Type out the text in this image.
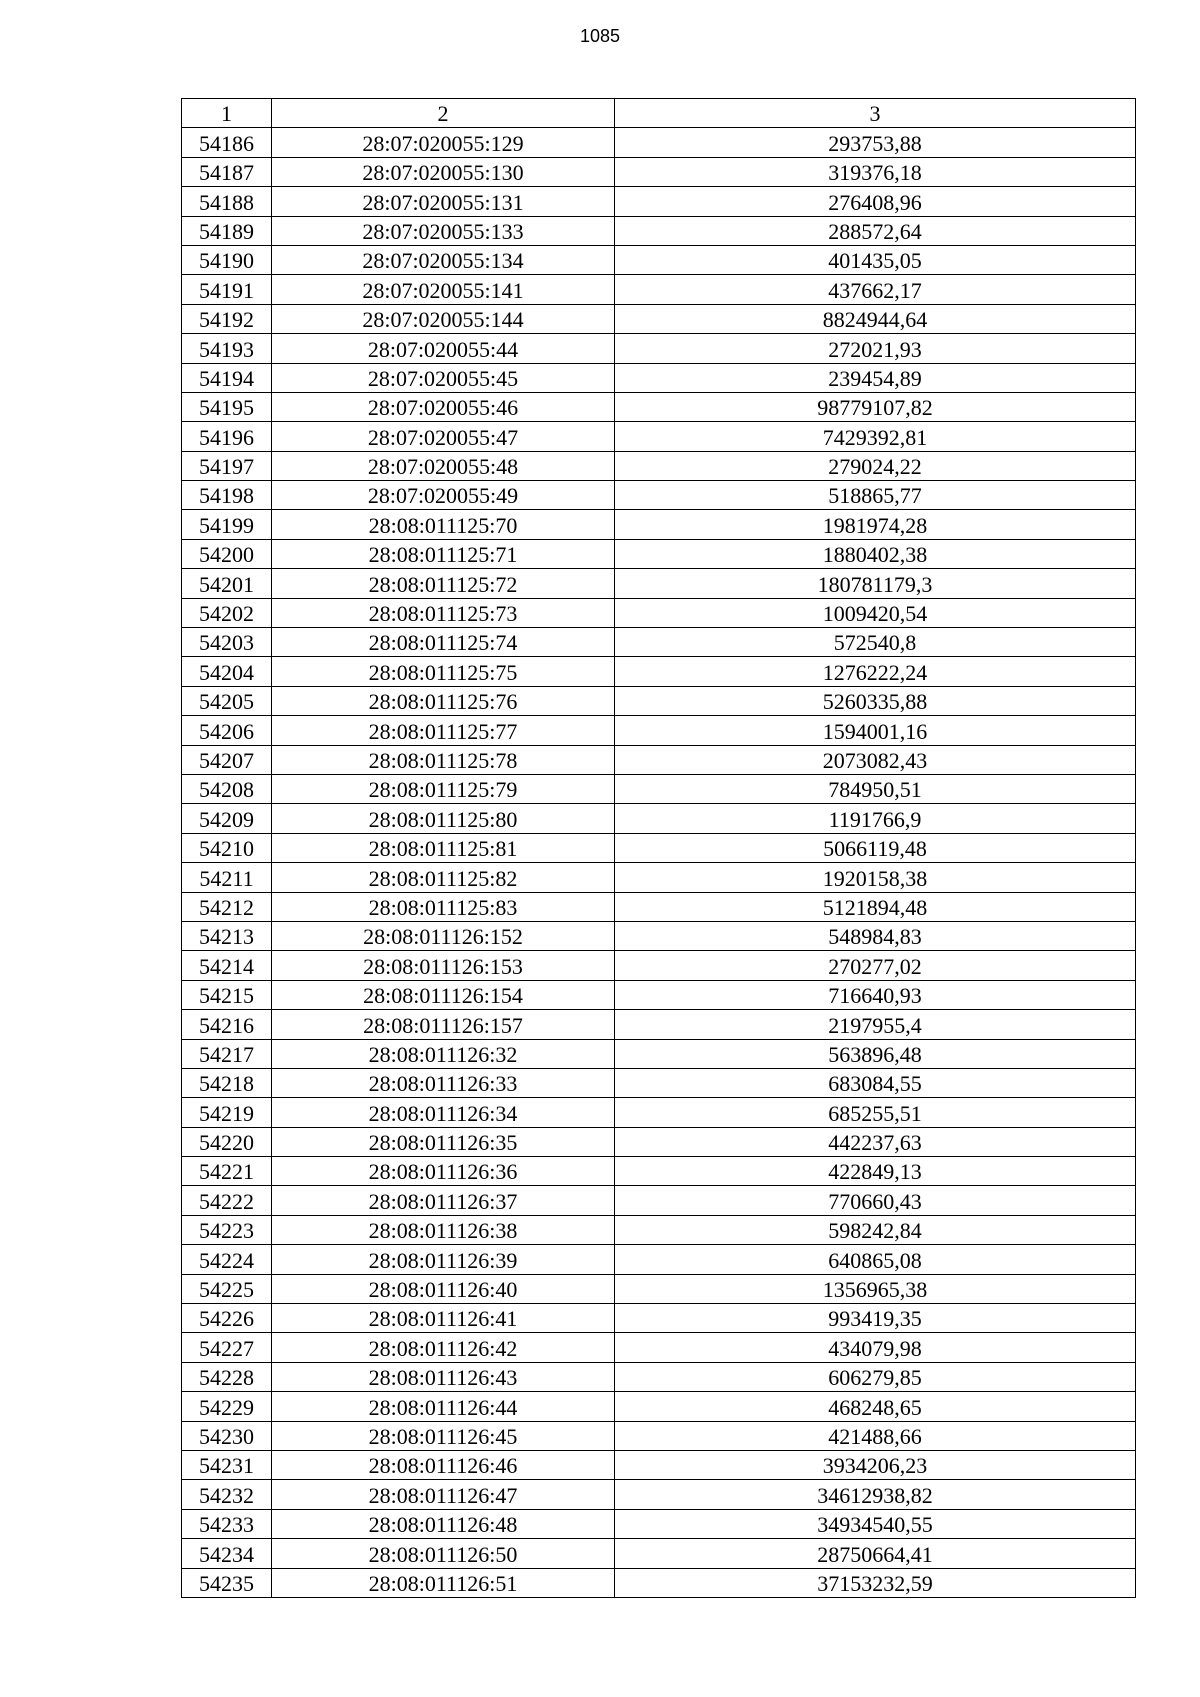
1085
1	2	3
54186	28:07:020055:129	293753,88
54187	28:07:020055:130	319376,18
54188	28:07:020055:131	276408,96
54189	28:07:020055:133	288572,64
54190	28:07:020055:134	401435,05
54191	28:07:020055:141	437662,17
54192	28:07:020055:144	8824944,64
54193	28:07:020055:44	272021,93
54194	28:07:020055:45	239454,89
54195	28:07:020055:46	98779107,82
54196	28:07:020055:47	7429392,81
54197	28:07:020055:48	279024,22
54198	28:07:020055:49	518865,77
54199	28:08:011125:70	1981974,28
54200	28:08:011125:71	1880402,38
54201	28:08:011125:72	180781179,3
54202	28:08:011125:73	1009420,54
54203	28:08:011125:74	572540,8
54204	28:08:011125:75	1276222,24
54205	28:08:011125:76	5260335,88
54206	28:08:011125:77	1594001,16
54207	28:08:011125:78	2073082,43
54208	28:08:011125:79	784950,51
54209	28:08:011125:80	1191766,9
54210	28:08:011125:81	5066119,48
54211	28:08:011125:82	1920158,38
54212	28:08:011125:83	5121894,48
54213	28:08:011126:152	548984,83
54214	28:08:011126:153	270277,02
54215	28:08:011126:154	716640,93
54216	28:08:011126:157	2197955,4
54217	28:08:011126:32	563896,48
54218	28:08:011126:33	683084,55
54219	28:08:011126:34	685255,51
54220	28:08:011126:35	442237,63
54221	28:08:011126:36	422849,13
54222	28:08:011126:37	770660,43
54223	28:08:011126:38	598242,84
54224	28:08:011126:39	640865,08
54225	28:08:011126:40	1356965,38
54226	28:08:011126:41	993419,35
54227	28:08:011126:42	434079,98
54228	28:08:011126:43	606279,85
54229	28:08:011126:44	468248,65
54230	28:08:011126:45	421488,66
54231	28:08:011126:46	3934206,23
54232	28:08:011126:47	34612938,82
54233	28:08:011126:48	34934540,55
54234	28:08:011126:50	28750664,41
54235	28:08:011126:51	37153232,59
